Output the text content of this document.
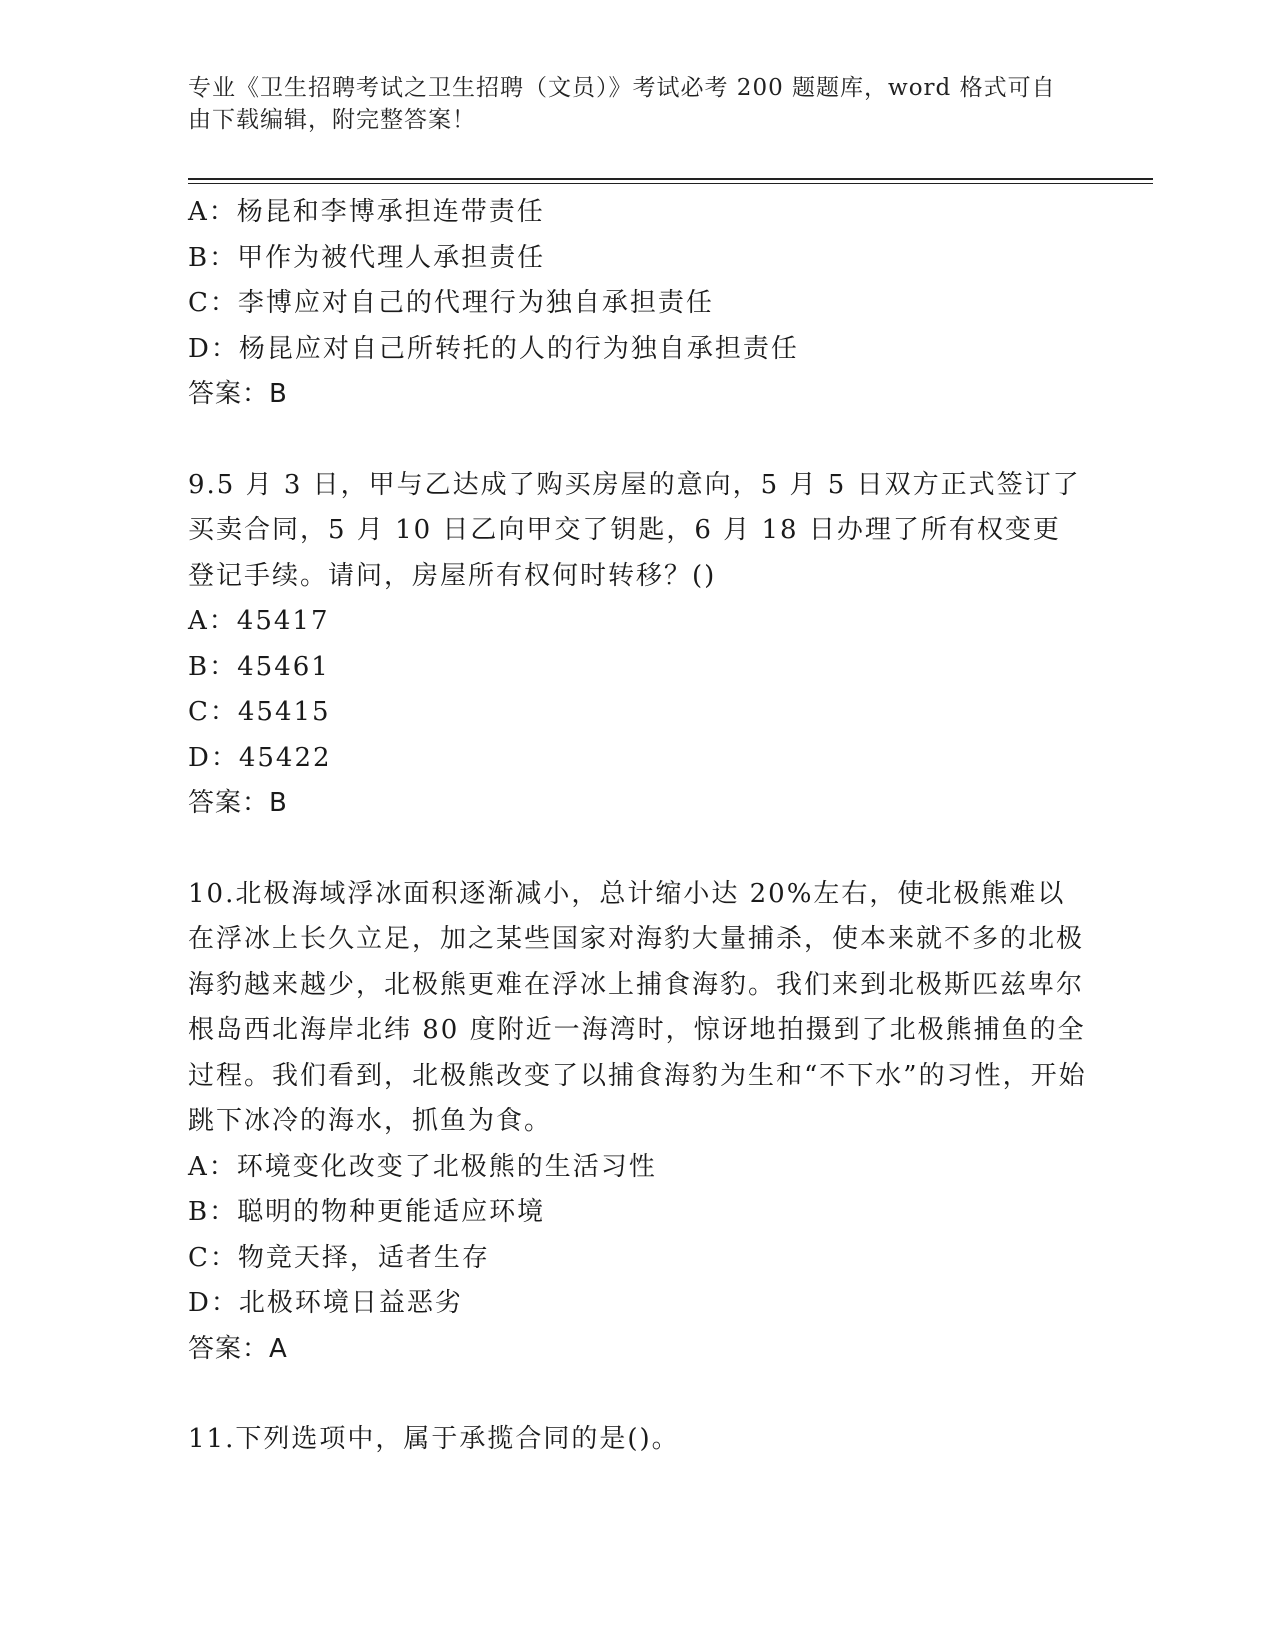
专业《卫生招聘考试之卫生招聘（文员）》考试必考 200 题题库，word 格式可自由下载编辑，附完整答案！
A：杨昆和李博承担连带责任
B：甲作为被代理人承担责任
C：李博应对自己的代理行为独自承担责任
D：杨昆应对自己所转托的人的行为独自承担责任
答案：B
9.5 月 3 日，甲与乙达成了购买房屋的意向，5 月 5 日双方正式签订了买卖合同，5 月 10 日乙向甲交了钥匙，6 月 18 日办理了所有权变更登记手续。请问，房屋所有权何时转移？()
A：45417
B：45461
C：45415
D：45422
答案：B
10.北极海域浮冰面积逐渐减小，总计缩小达 20%左右，使北极熊难以在浮冰上长久立足，加之某些国家对海豹大量捕杀，使本来就不多的北极海豹越来越少，北极熊更难在浮冰上捕食海豹。我们来到北极斯匹兹卑尔根岛西北海岸北纬 80 度附近一海湾时，惊讶地拍摄到了北极熊捕鱼的全过程。我们看到，北极熊改变了以捕食海豹为生和“不下水”的习性，开始跳下冰冷的海水，抓鱼为食。
A：环境变化改变了北极熊的生活习性
B：聪明的物种更能适应环境
C：物竞天择，适者生存
D：北极环境日益恶劣
答案：A
11.下列选项中，属于承揽合同的是()。
